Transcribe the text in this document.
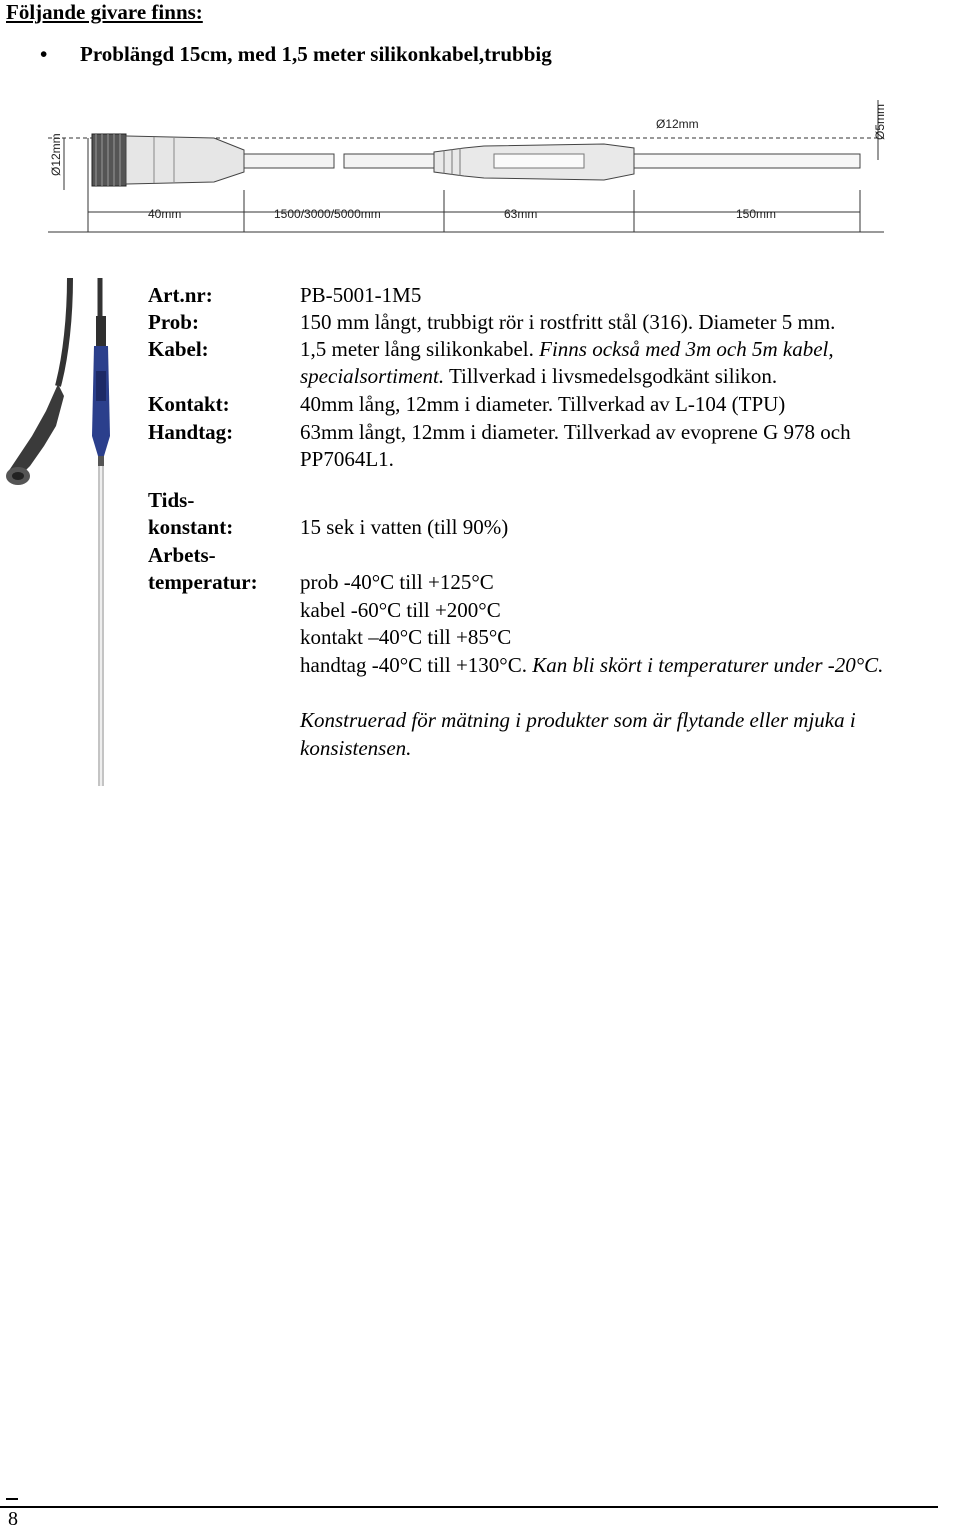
Följande givare finns:
• Problängd 15cm, med 1,5 meter silikonkabel,trubbig
Ø12mm
Ø12mm	Ø5mm
40mm	1500/3000/5000mm	63mm	150mm
Art.nr:	PB-5001-1M5
Prob:	150 mm långt, trubbigt rör i rostfritt stål (316). Diameter 5 mm.
Kabel:	1,5 meter lång silikonkabel. Finns också med 3m och 5m kabel,
specialsortiment. Tillverkad i livsmedelsgodkänt silikon.
Kontakt:	40mm lång, 12mm i diameter. Tillverkad av L-104 (TPU)
Handtag:	63mm långt, 12mm i diameter. Tillverkad av evoprene G 978 och
PP7064L1.
Tids-
konstant:	15 sek i vatten (till 90%)
Arbets-
temperatur: prob -40°C till +125°C
kabel -60°C till +200°C
kontakt –40°C till +85°C
handtag -40°C till +130°C. Kan bli skört i temperaturer under -20°C.
Konstruerad för mätning i produkter som är flytande eller mjuka i
konsistensen.
8
